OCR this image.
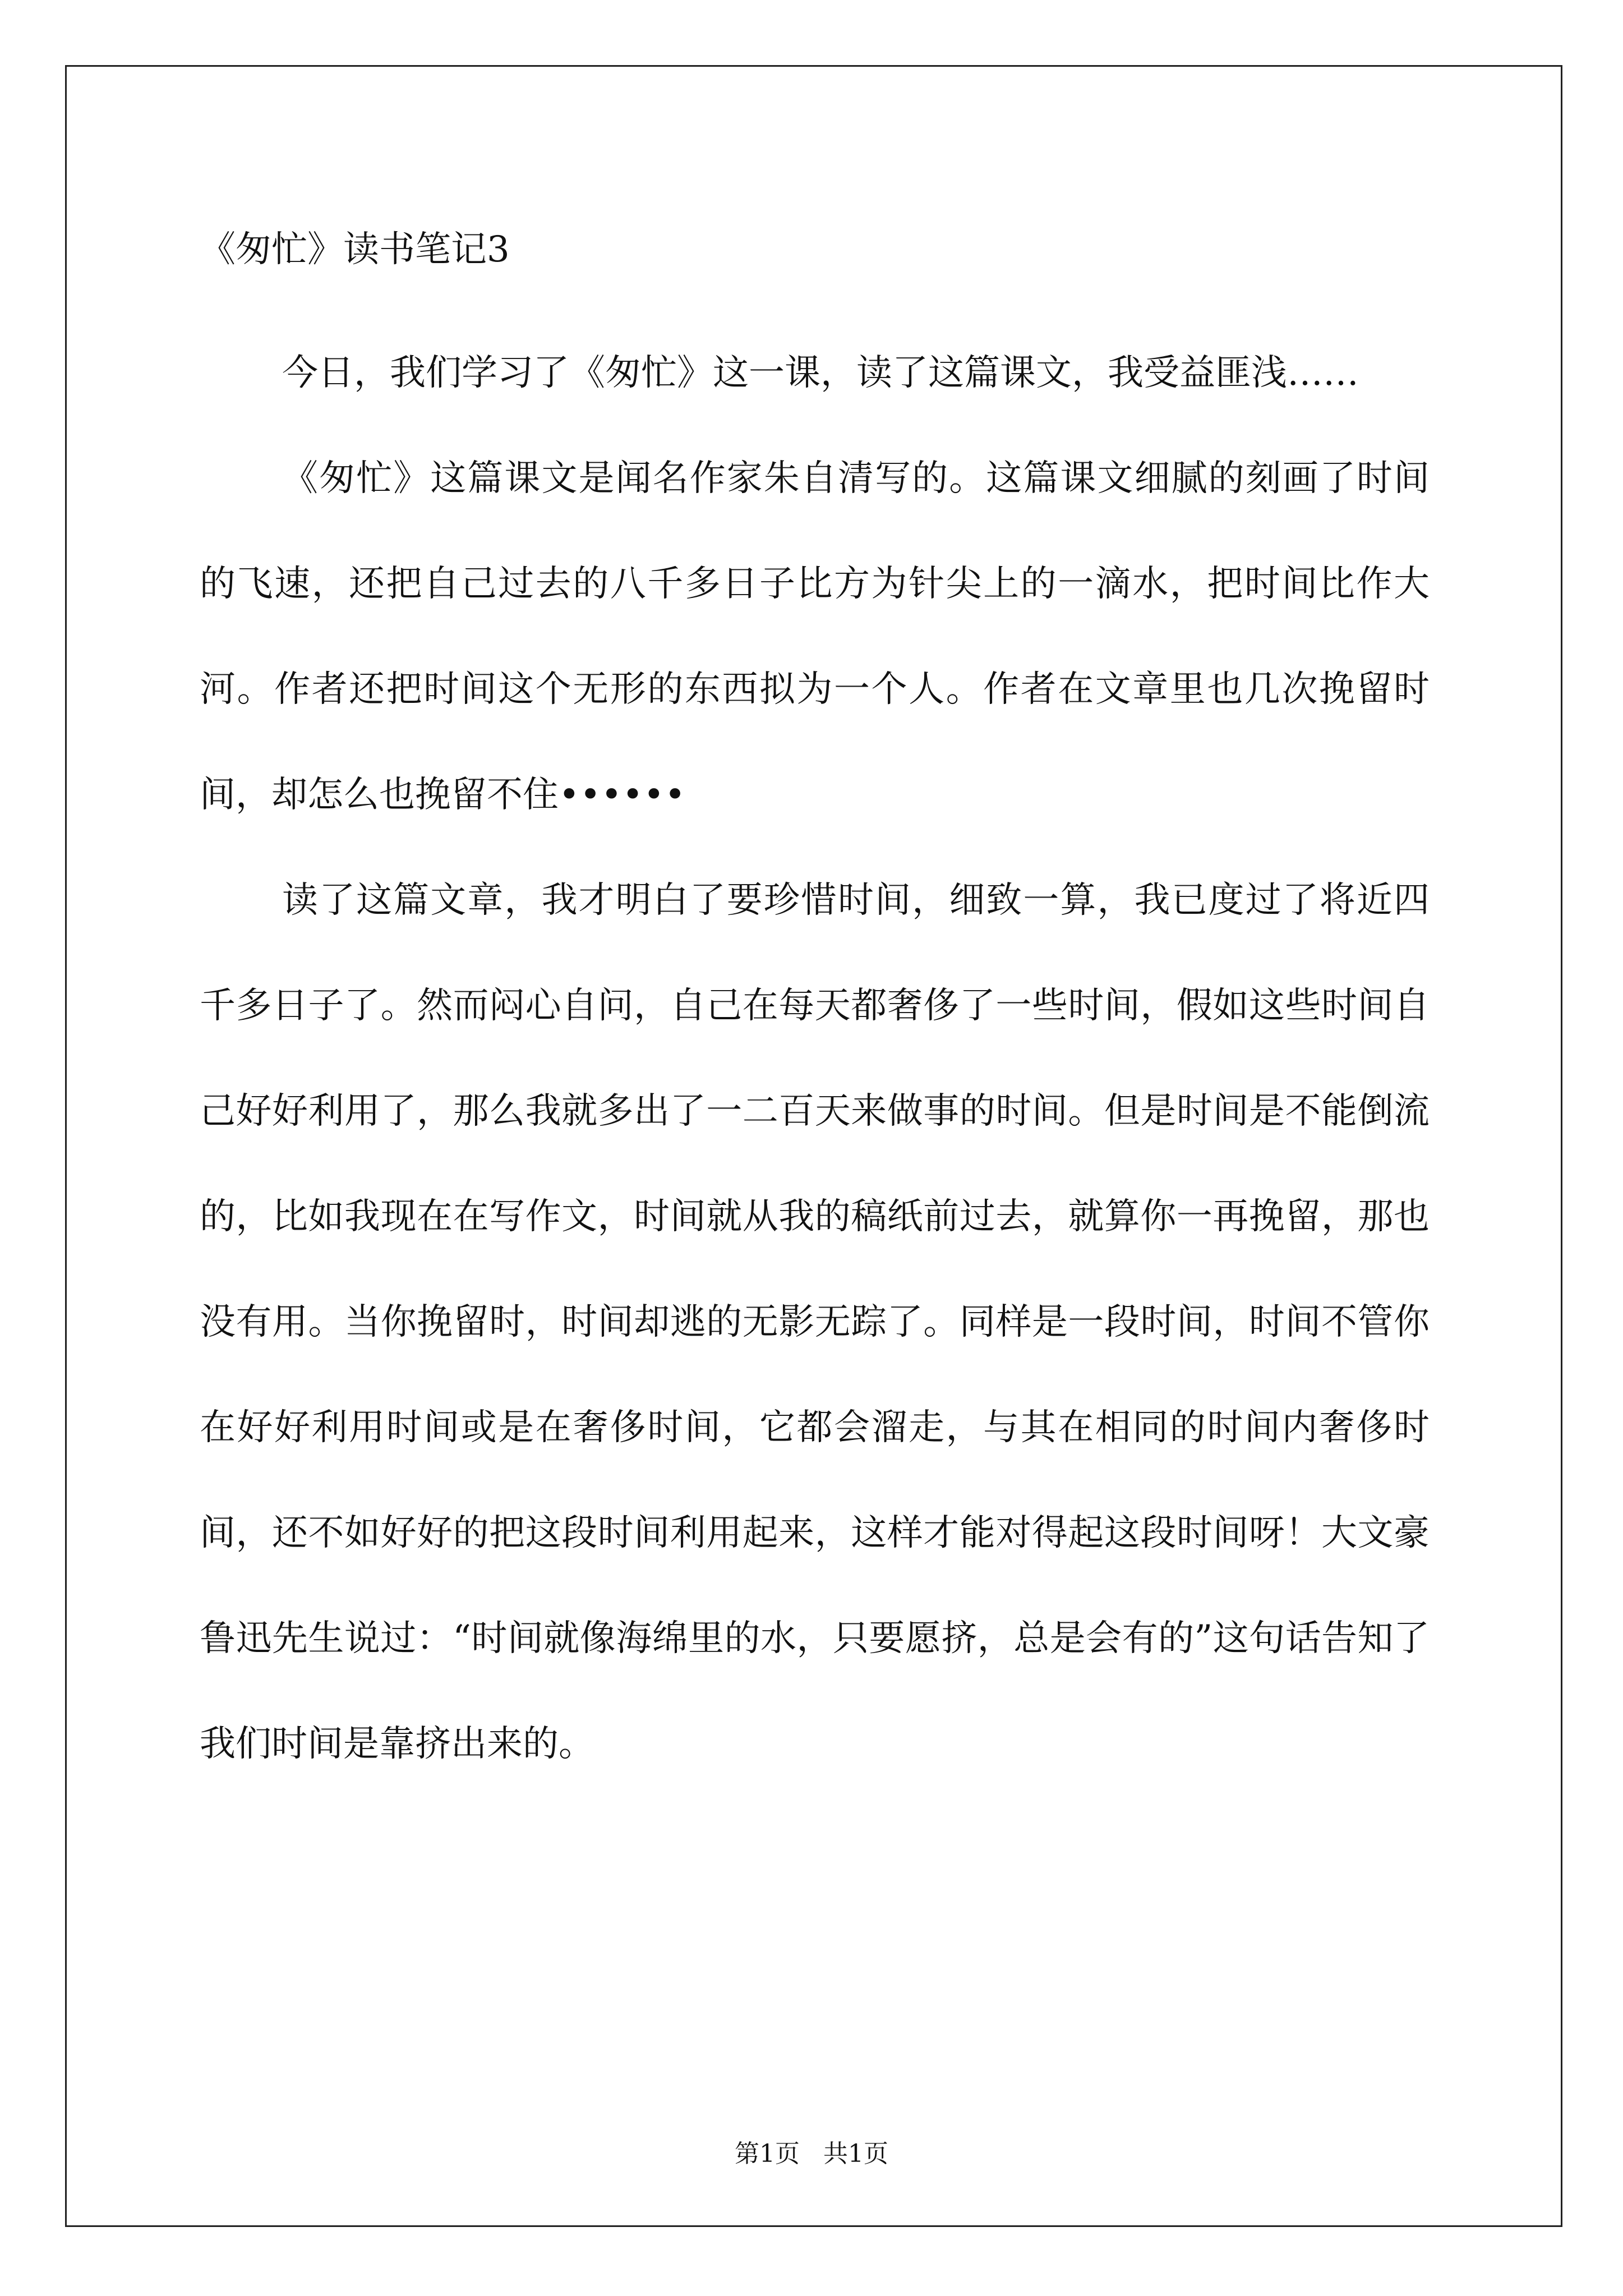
《匆忙》读书笔记3

今日，我们学习了《匆忙》这一课，读了这篇课文，我受益匪浅……

《匆忙》这篇课文是闻名作家朱自清写的。这篇课文细腻的刻画了时间的飞速，还把自己过去的八千多日子比方为针尖上的一滴水，把时间比作大河。作者还把时间这个无形的东西拟为一个人。作者在文章里也几次挽留时间，却怎么也挽留不住••••••

读了这篇文章，我才明白了要珍惜时间，细致一算，我已度过了将近四千多日子了。然而闷心自问，自己在每天都奢侈了一些时间，假如这些时间自己好好利用了，那么我就多出了一二百天来做事的时间。但是时间是不能倒流的，比如我现在在写作文，时间就从我的稿纸前过去，就算你一再挽留，那也没有用。当你挽留时，时间却逃的无影无踪了。同样是一段时间，时间不管你在好好利用时间或是在奢侈时间，它都会溜走，与其在相同的时间内奢侈时间，还不如好好的把这段时间利用起来，这样才能对得起这段时间呀！大文豪鲁迅先生说过：“时间就像海绵里的水，只要愿挤，总是会有的”这句话告知了我们时间是靠挤出来的。

第1页   共1页
